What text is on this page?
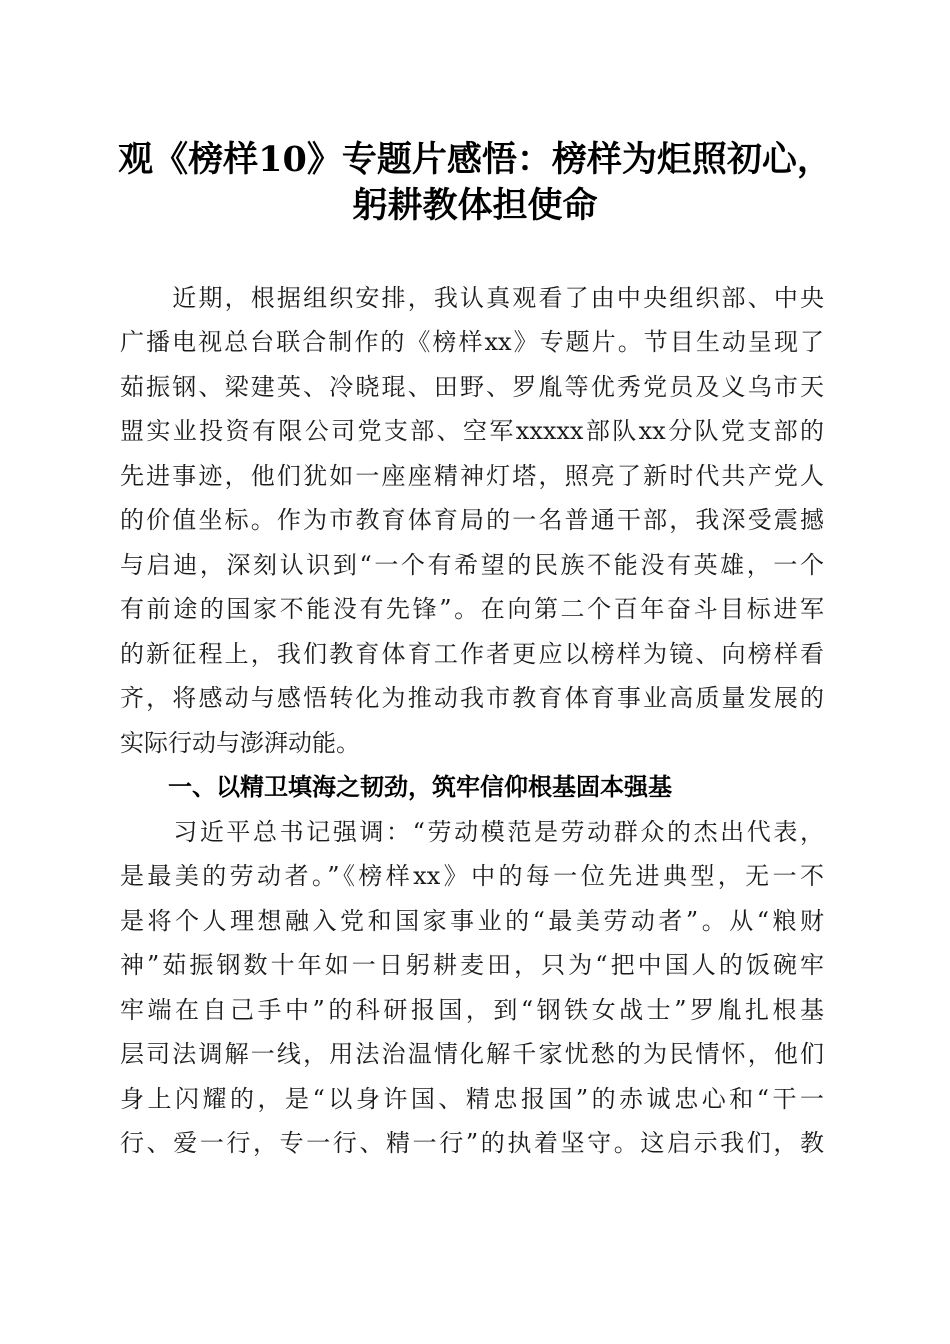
观《榜样10》专题片感悟：榜样为炬照初心，
躬耕教体担使命

　　近期，根据组织安排，我认真观看了由中央组织部、中央

广播电视总台联合制作的《榜样xx》专题片。节目生动呈现了

茹振钢、梁建英、冷晓琨、田野、罗胤等优秀党员及义乌市天

盟实业投资有限公司党支部、空军xxxxx部队xx分队党支部的

先进事迹，他们犹如一座座精神灯塔，照亮了新时代共产党人

的价值坐标。作为市教育体育局的一名普通干部，我深受震撼

与启迪，深刻认识到“一个有希望的民族不能没有英雄，一个

有前途的国家不能没有先锋”。在向第二个百年奋斗目标进军

的新征程上，我们教育体育工作者更应以榜样为镜、向榜样看

齐，将感动与感悟转化为推动我市教育体育事业高质量发展的

实际行动与澎湃动能。

一、以精卫填海之韧劲，筑牢信仰根基固本强基

　　习近平总书记强调：“劳动模范是劳动群众的杰出代表，

是最美的劳动者。”《榜样xx》中的每一位先进典型，无一不

是将个人理想融入党和国家事业的“最美劳动者”。从“粮财

神”茹振钢数十年如一日躬耕麦田，只为“把中国人的饭碗牢

牢端在自己手中”的科研报国，到“钢铁女战士”罗胤扎根基

层司法调解一线，用法治温情化解千家忧愁的为民情怀，他们

身上闪耀的，是“以身许国、精忠报国”的赤诚忠心和“干一

行、爱一行，专一行、精一行”的执着坚守。这启示我们，教
